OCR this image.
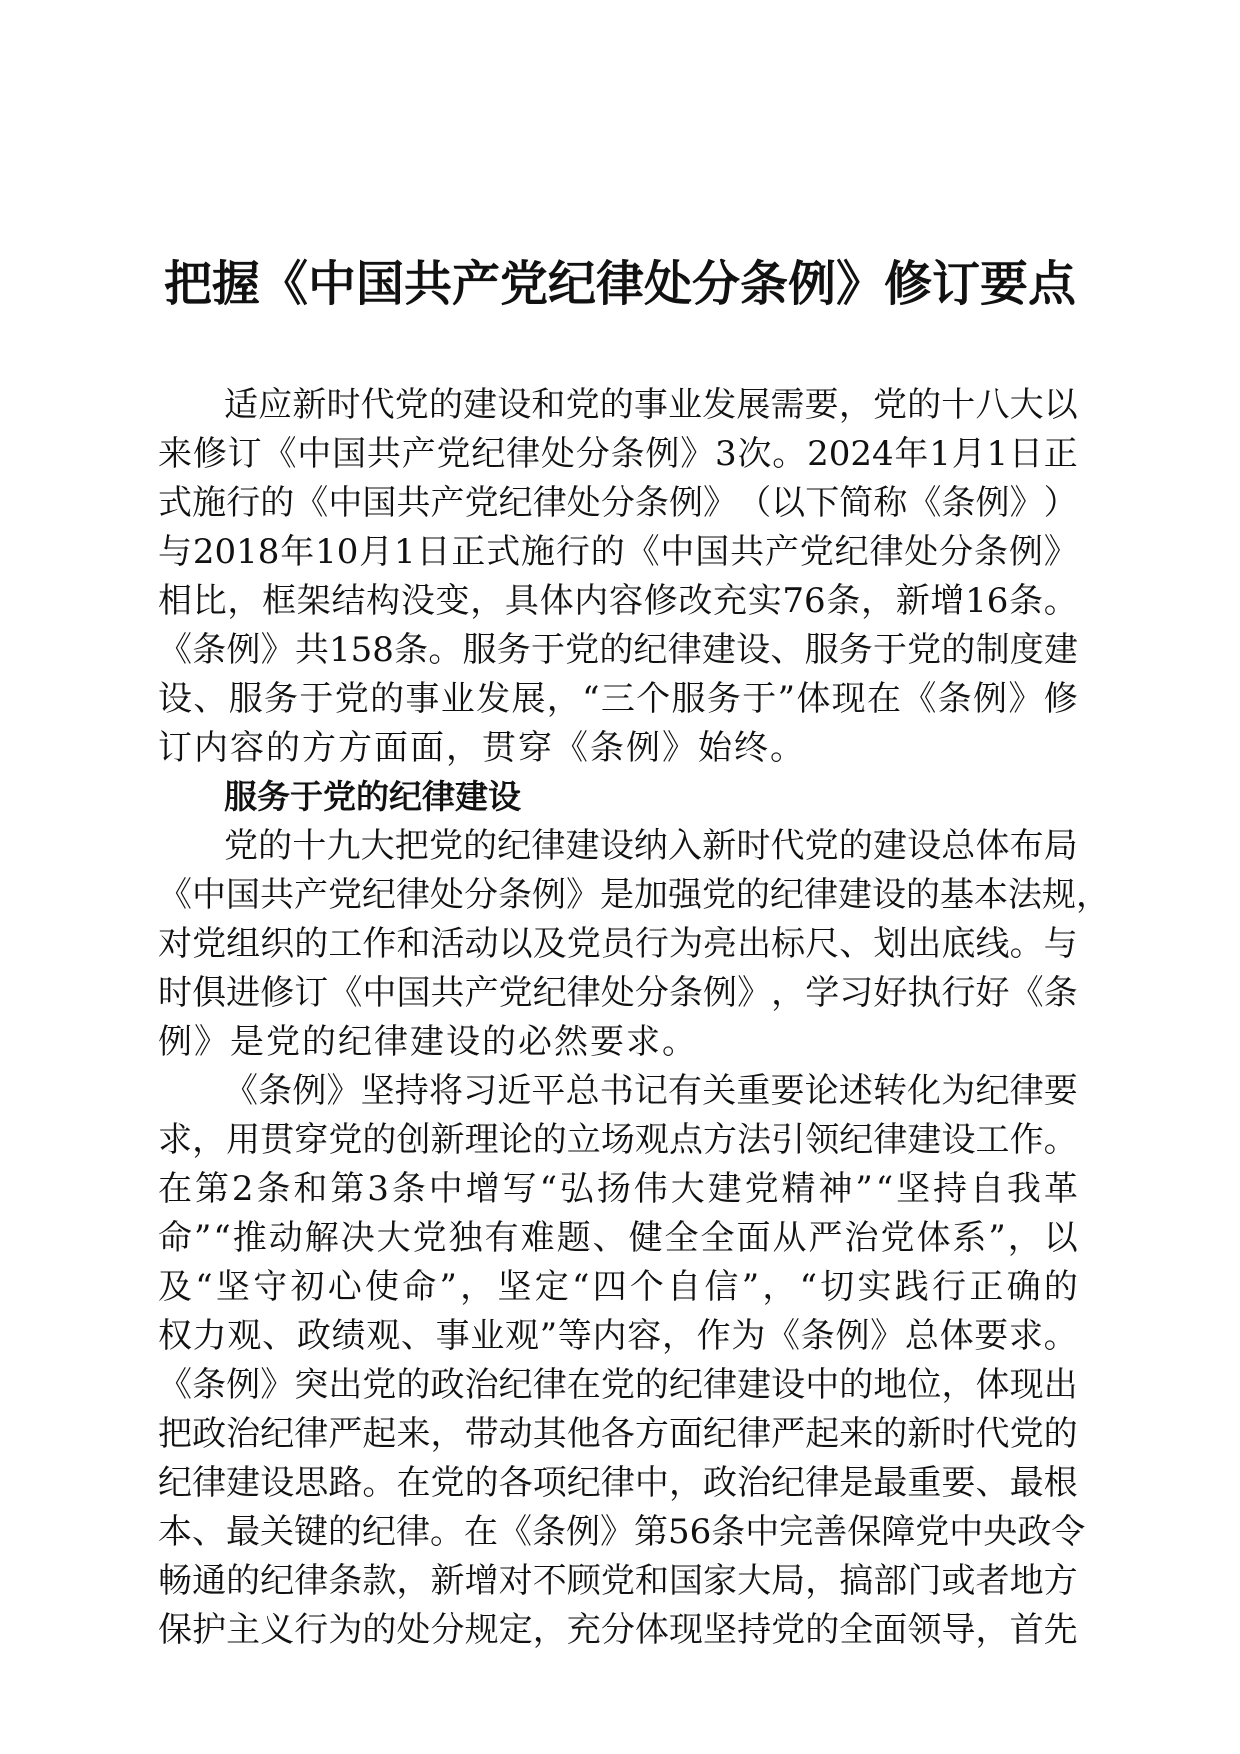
把握《中国共产党纪律处分条例》修订要点

适 应 新 时 代 党 的 建 设 和 党 的 事 业 发 展 需 要 ， 党 的 十 八 大 以

来 修 订 《 中 国 共 产 党 纪 律 处 分 条 例 》 3 次 。 2024 年 1 月 1 日 正

式 施 行 的 《 中 国 共 产 党 纪 律 处 分 条 例 》 （ 以 下 简 称 《 条 例 》 ）

与 2018 年 10 月 1 日 正 式 施 行 的 《 中 国 共 产 党 纪 律 处 分 条 例 》

相 比 ， 框 架 结 构 没 变 ， 具 体 内 容 修 改 充 实 76 条 ， 新 增 16 条 。

《 条 例 》 共 158 条 。 服 务 于 党 的 纪 律 建 设 、 服 务 于 党 的 制 度 建

设 、 服 务 于 党 的 事 业 发 展 ， “ 三 个 服 务 于 ” 体 现 在 《 条 例 》 修

订内容的方方面面，贯穿《条例》始终。

服务于党的纪律建设

党 的 十 九 大 把 党 的 纪 律 建 设 纳 入 新 时 代 党 的 建 设 总 体 布 局

《 中 国 共 产 党 纪 律 处 分 条 例 》 是 加 强 党 的 纪 律 建 设 的 基 本 法 规 ，

对 党 组 织 的 工 作 和 活 动 以 及 党 员 行 为 亮 出 标 尺 、 划 出 底 线 。 与

时 俱 进 修 订 《 中 国 共 产 党 纪 律 处 分 条 例 》 ， 学 习 好 执 行 好 《 条

例》是党的纪律建设的必然要求。

《 条 例 》 坚 持 将 习 近 平 总 书 记 有 关 重 要 论 述 转 化 为 纪 律 要

求 ， 用 贯 穿 党 的 创 新 理 论 的 立 场 观 点 方 法 引 领 纪 律 建 设 工 作 。

在 第 2 条 和 第 3 条 中 增 写 “ 弘 扬 伟 大 建 党 精 神 ” “ 坚 持 自 我 革

命 ” “ 推 动 解 决 大 党 独 有 难 题 、 健 全 全 面 从 严 治 党 体 系 ” ， 以

及 “ 坚 守 初 心 使 命 ” ， 坚 定 “ 四 个 自 信 ” ， “ 切 实 践 行 正 确 的

权 力 观 、 政 绩 观 、 事 业 观 ” 等 内 容 ， 作 为 《 条 例 》 总 体 要 求 。

《 条 例 》 突 出 党 的 政 治 纪 律 在 党 的 纪 律 建 设 中 的 地 位 ， 体 现 出

把 政 治 纪 律 严 起 来 ， 带 动 其 他 各 方 面 纪 律 严 起 来 的 新 时 代 党 的

纪 律 建 设 思 路 。 在 党 的 各 项 纪 律 中 ， 政 治 纪 律 是 最 重 要 、 最 根

本 、 最 关 键 的 纪 律 。 在 《 条 例 》 第 56 条 中 完 善 保 障 党 中 央 政 令

畅 通 的 纪 律 条 款 ， 新 增 对 不 顾 党 和 国 家 大 局 ， 搞 部 门 或 者 地 方

保 护 主 义 行 为 的 处 分 规 定 ， 充 分 体 现 坚 持 党 的 全 面 领 导 ， 首 先
